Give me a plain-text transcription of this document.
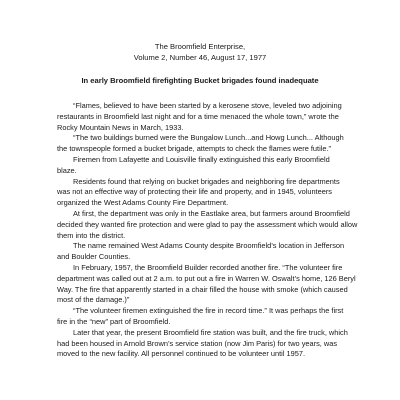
The Broomfield Enterprise,
Volume 2, Number 46, August 17, 1977
In early Broomfield firefighting Bucket brigades found inadequate

“Flames, believed to have been started by a kerosene stove, leveled two adjoining
restaurants in Broomfield last night and for a time menaced the whole town,” wrote the
Rocky Mountain News in March, 1933.

“The two buildings burned were the Bungalow Lunch...and Howg Lunch... Although
the townspeople formed a bucket brigade, attempts to check the flames were futile.”

Firemen from Lafayette and Louisville finally extinguished this early Broomfield
blaze.

Residents found that relying on bucket brigades and neighboring fire departments
was not an effective way of protecting their life and property, and in 1945, volunteers
organized the West Adams County Fire Department.

At first, the department was only in the Eastlake area, but farmers around Broomfield
decided they wanted fire protection and were glad to pay the assessment which would allow
them into the district.

The name remained West Adams County despite Broomfield’s location in Jefferson
and Boulder Counties.

In February, 1957, the Broomfield Builder recorded another fire. “The volunteer fire
department was called out at 2 a.m. to put out a fire in Warren W. Oswalt’s home, 126 Beryl
Way. The fire that apparently started in a chair filled the house with smoke (which caused
most of the damage.)”

“The volunteer firemen extinguished the fire in record time.” It was perhaps the first
fire in the “new” part of Broomfield.

Later that year, the present Broomfield fire station was built, and the fire truck, which
had been housed in Arnold Brown’s service station (now Jim Paris) for two years, was
moved to the new facility. All personnel continued to be volunteer until 1957.
